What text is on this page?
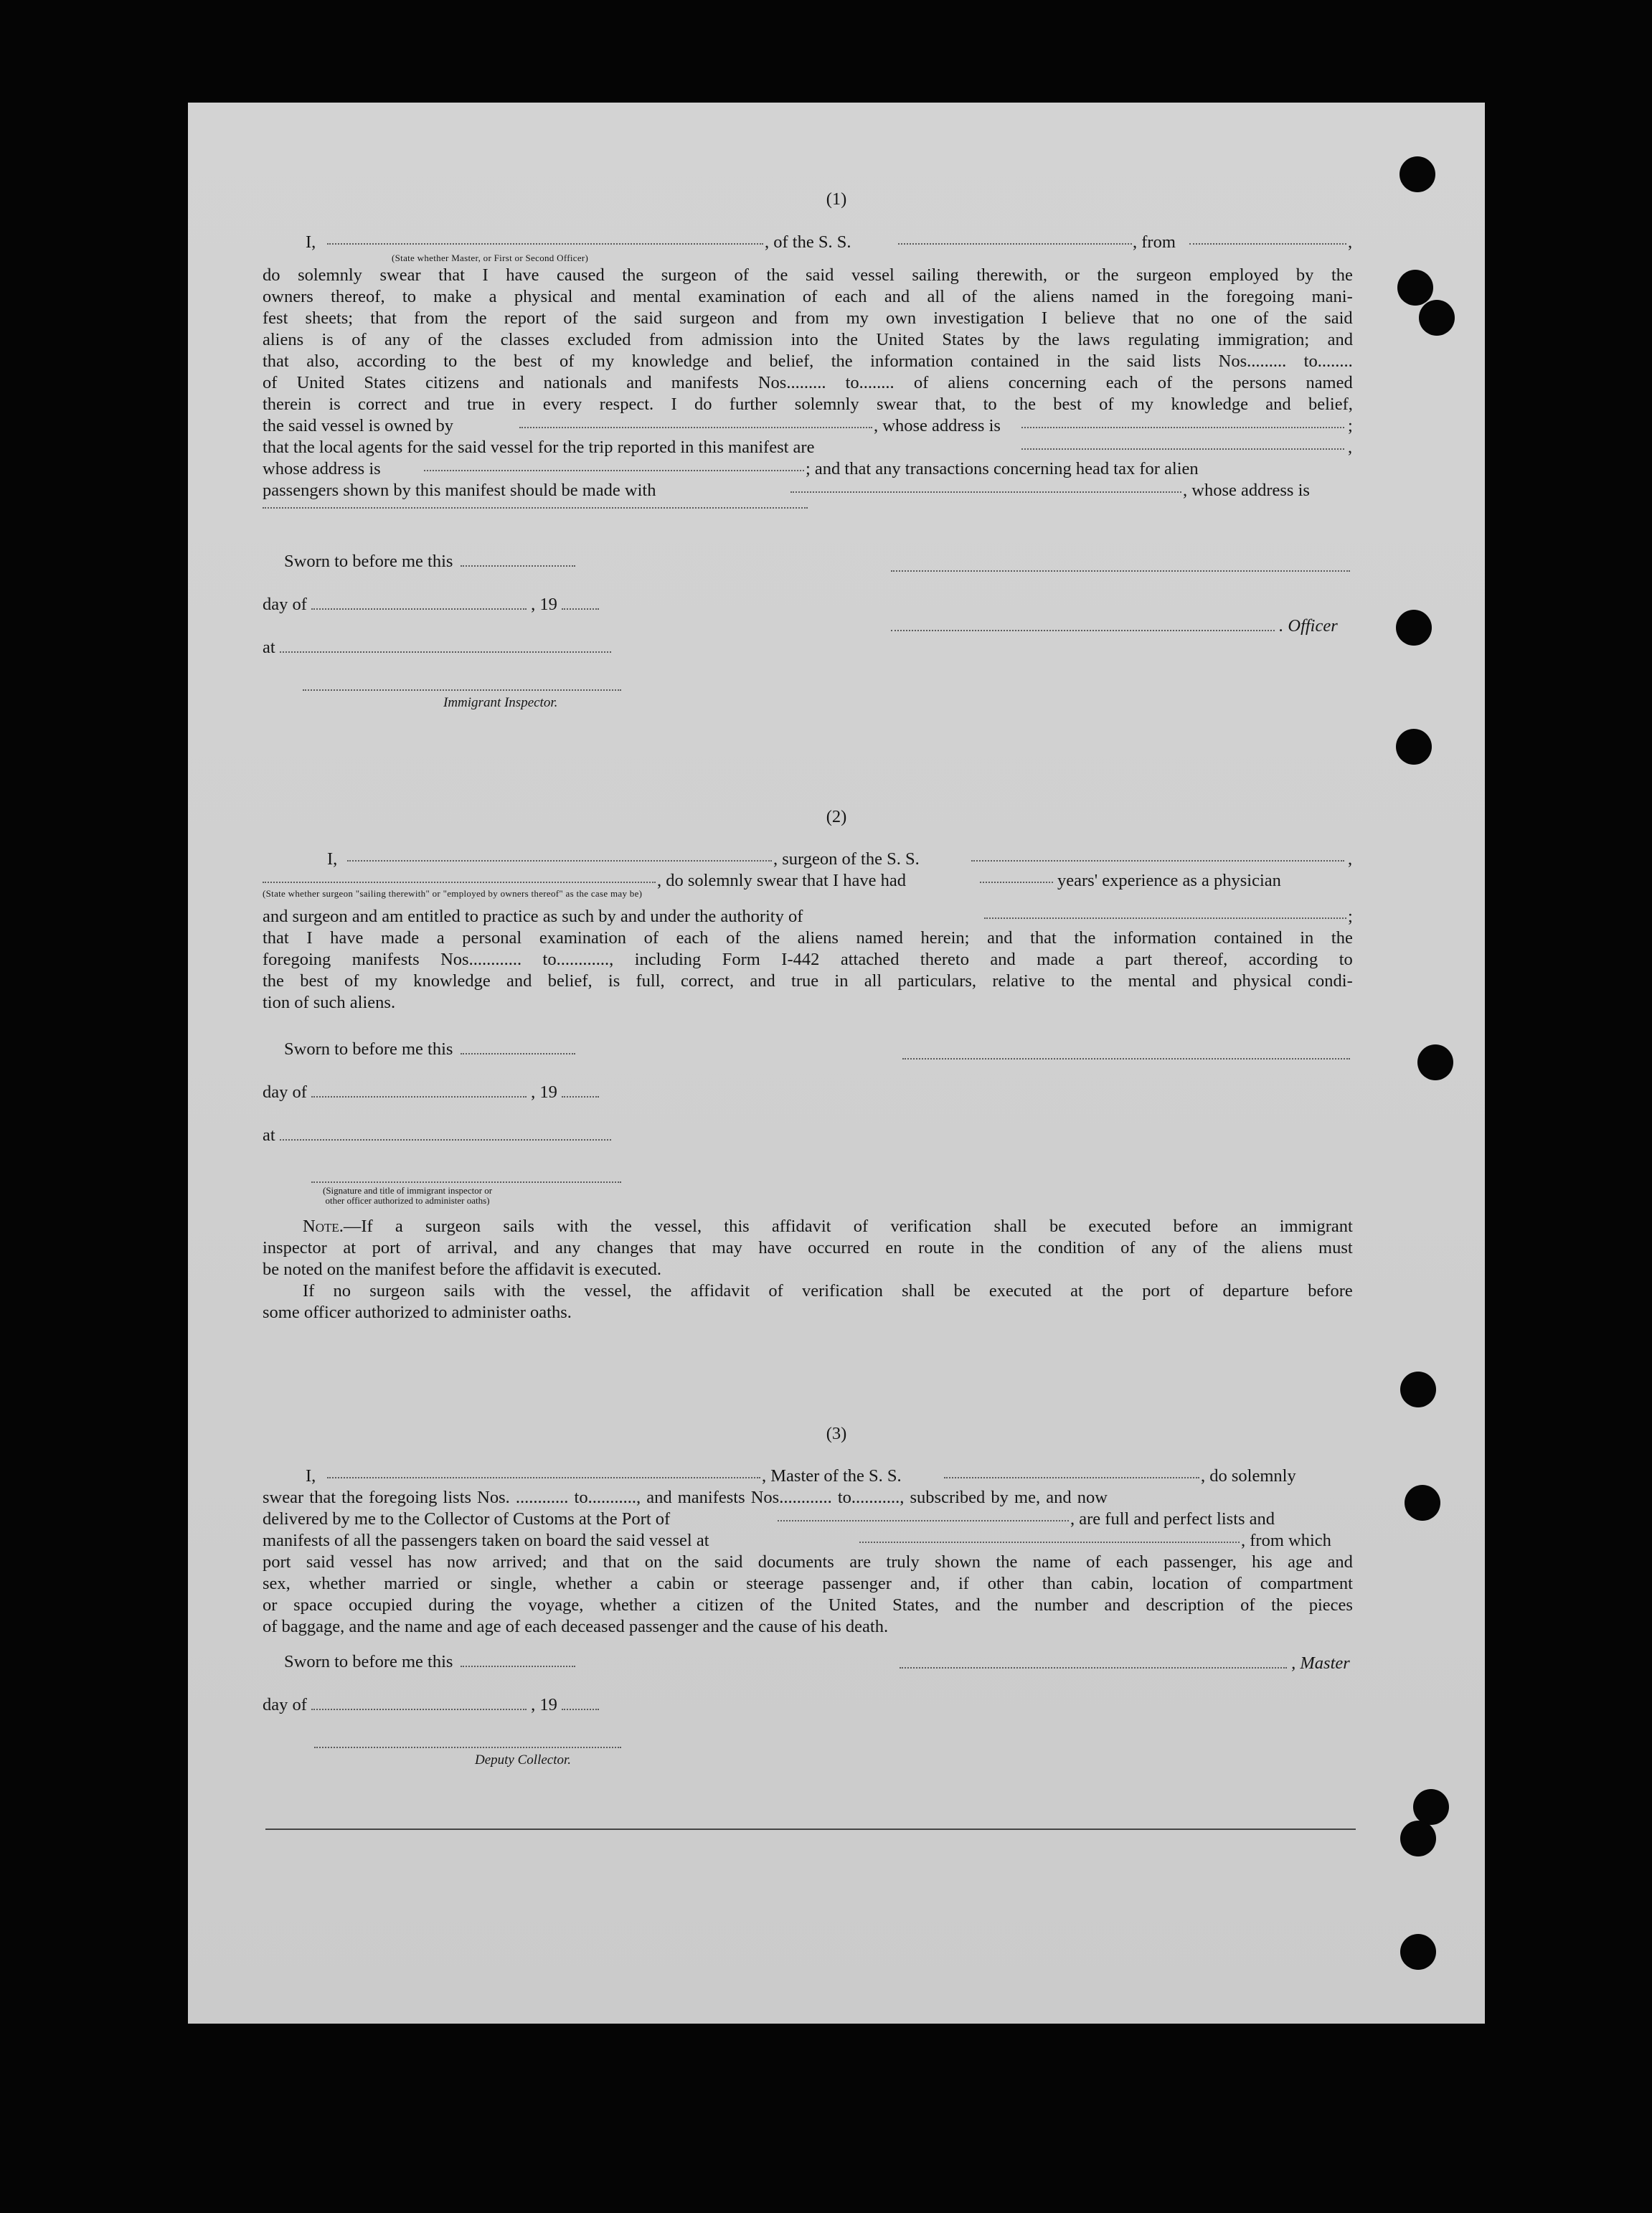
(1)
I,	, of the S. S.	, from	,
(State whether Master, or First or Second Officer)
do solemnly swear that I have caused the surgeon of the said vessel sailing therewith, or the surgeon employed by the
owners thereof, to make a physical and mental examination of each and all of the aliens named in the foregoing mani-
fest sheets; that from the report of the said surgeon and from my own investigation I believe that no one of the said
aliens is of any of the classes excluded from admission into the United States by the laws regulating immigration; and
that also, according to the best of my knowledge and belief, the information contained in the said lists Nos......... to........
of United States citizens and nationals and manifests Nos......... to........ of aliens concerning each of the persons named
therein is correct and true in every respect. I do further solemnly swear that, to the best of my knowledge and belief,
the said vessel is owned by	, whose address is	;
that the local agents for the said vessel for the trip reported in this manifest are	,
whose address is	; and that any transactions concerning head tax for alien
passengers shown by this manifest should be made with	, whose address is
Sworn to before me this
day of	, 19
. Officer
at
Immigrant Inspector.
(2)
I,	, surgeon of the S. S.	,
, do solemnly swear that I have had	years' experience as a physician
(State whether surgeon "sailing therewith" or "employed by owners thereof" as the case may be)
and surgeon and am entitled to practice as such by and under the authority of	;
that I have made a personal examination of each of the aliens named herein; and that the information contained in the
foregoing manifests Nos............ to............, including Form I-442 attached thereto and made a part thereof, according to
the best of my knowledge and belief, is full, correct, and true in all particulars, relative to the mental and physical condi-
tion of such aliens.
Sworn to before me this
day of	, 19
at
(Signature and title of immigrant inspector or
other officer authorized to administer oaths)
Note. —If a surgeon sails with the vessel, this affidavit of verification shall be executed before an immigrant
inspector at port of arrival, and any changes that may have occurred en route in the condition of any of the aliens must
be noted on the manifest before the affidavit is executed.
If no surgeon sails with the vessel, the affidavit of verification shall be executed at the port of departure before
some officer authorized to administer oaths.
(3)
I,	, Master of the S. S.	, do solemnly
swear that the foregoing lists Nos. ............ to..........., and manifests Nos............ to..........., subscribed by me, and now
delivered by me to the Collector of Customs at the Port of	, are full and perfect lists and
manifests of all the passengers taken on board the said vessel at	, from which
port said vessel has now arrived; and that on the said documents are truly shown the name of each passenger, his age and
sex, whether married or single, whether a cabin or steerage passenger and, if other than cabin, location of compartment
or space occupied during the voyage, whether a citizen of the United States, and the number and description of the pieces
of baggage, and the name and age of each deceased passenger and the cause of his death.
Sworn to before me this	, Master
day of	, 19
Deputy Collector.
